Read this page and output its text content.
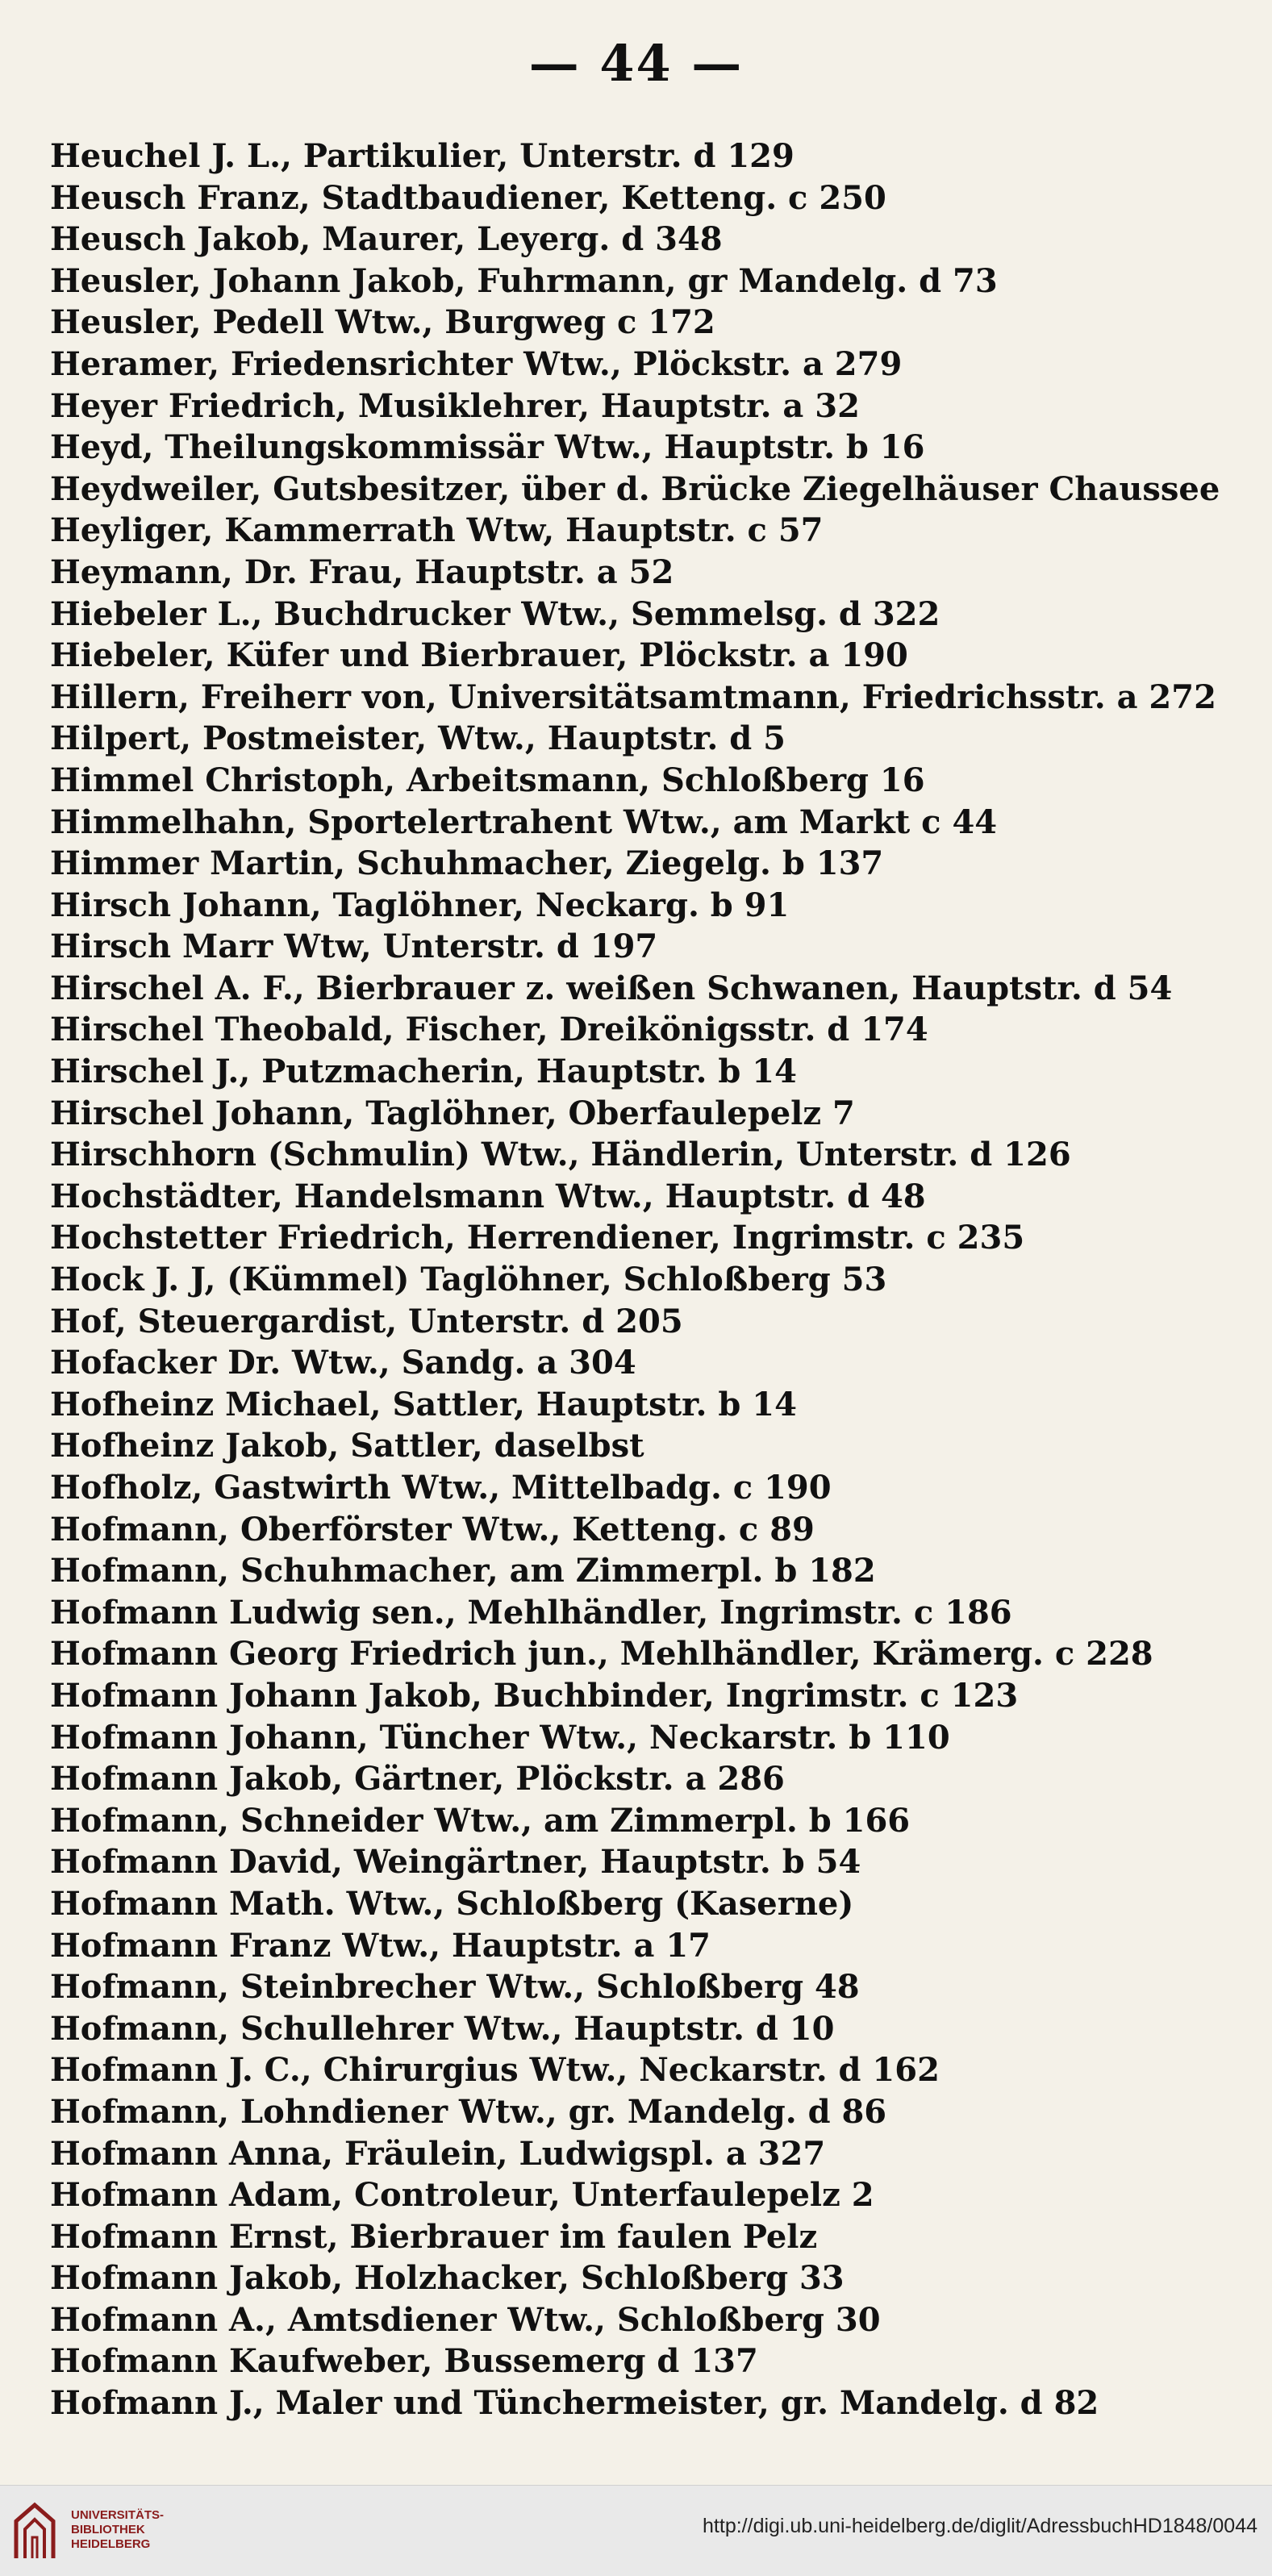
— 44 —
Heuchel J. L., Partikulier, Unterstr. d 129
Heusch Franz, Stadtbaudiener, Ketteng. c 250
Heusch Jakob, Maurer, Leyerg. d 348
Heusler, Johann Jakob, Fuhrmann, gr Mandelg. d 73
Heusler, Pedell Wtw., Burgweg c 172
Heramer, Friedensrichter Wtw., Plöckstr. a 279
Heyer Friedrich, Musiklehrer, Hauptstr. a 32
Heyd, Theilungskommissär Wtw., Hauptstr. b 16
Heydweiler, Gutsbesitzer, über d. Brücke Ziegelhäuser Chaussee
Heyliger, Kammerrath Wtw, Hauptstr. c 57
Heymann, Dr. Frau, Hauptstr. a 52
Hiebeler L., Buchdrucker Wtw., Semmelsg. d 322
Hiebeler, Küfer und Bierbrauer, Plöckstr. a 190
Hillern, Freiherr von, Universitätsamtmann, Friedrichsstr. a 272
Hilpert, Postmeister, Wtw., Hauptstr. d 5
Himmel Christoph, Arbeitsmann, Schloßberg 16
Himmelhahn, Sportelertrahent Wtw., am Markt c 44
Himmer Martin, Schuhmacher, Ziegelg. b 137
Hirsch Johann, Taglöhner, Neckarg. b 91
Hirsch Marr Wtw, Unterstr. d 197
Hirschel A. F., Bierbrauer z. weißen Schwanen, Hauptstr. d 54
Hirschel Theobald, Fischer, Dreikönigsstr. d 174
Hirschel J., Putzmacherin, Hauptstr. b 14
Hirschel Johann, Taglöhner, Oberfaulepelz 7
Hirschhorn (Schmulin) Wtw., Händlerin, Unterstr. d 126
Hochstädter, Handelsmann Wtw., Hauptstr. d 48
Hochstetter Friedrich, Herrendiener, Ingrimstr. c 235
Hock J. J, (Kümmel) Taglöhner, Schloßberg 53
Hof, Steuergardist, Unterstr. d 205
Hofacker Dr. Wtw., Sandg. a 304
Hofheinz Michael, Sattler, Hauptstr. b 14
Hofheinz Jakob, Sattler, daselbst
Hofholz, Gastwirth Wtw., Mittelbadg. c 190
Hofmann, Oberförster Wtw., Ketteng. c 89
Hofmann, Schuhmacher, am Zimmerpl. b 182
Hofmann Ludwig sen., Mehlhändler, Ingrimstr. c 186
Hofmann Georg Friedrich jun., Mehlhändler, Krämerg. c 228
Hofmann Johann Jakob, Buchbinder, Ingrimstr. c 123
Hofmann Johann, Tüncher Wtw., Neckarstr. b 110
Hofmann Jakob, Gärtner, Plöckstr. a 286
Hofmann, Schneider Wtw., am Zimmerpl. b 166
Hofmann David, Weingärtner, Hauptstr. b 54
Hofmann Math. Wtw., Schloßberg (Kaserne)
Hofmann Franz Wtw., Hauptstr. a 17
Hofmann, Steinbrecher Wtw., Schloßberg 48
Hofmann, Schullehrer Wtw., Hauptstr. d 10
Hofmann J. C., Chirurgius Wtw., Neckarstr. d 162
Hofmann, Lohndiener Wtw., gr. Mandelg. d 86
Hofmann Anna, Fräulein, Ludwigspl. a 327
Hofmann Adam, Controleur, Unterfaulepelz 2
Hofmann Ernst, Bierbrauer im faulen Pelz
Hofmann Jakob, Holzhacker, Schloßberg 33
Hofmann A., Amtsdiener Wtw., Schloßberg 30
Hofmann Kaufweber, Bussemerg d 137
Hofmann J., Maler und Tünchermeister, gr. Mandelg. d 82
UNIVERSITÄTS-
BIBLIOTHEK
HEIDELBERG
http://digi.ub.uni-heidelberg.de/diglit/AdressbuchHD1848/0044
